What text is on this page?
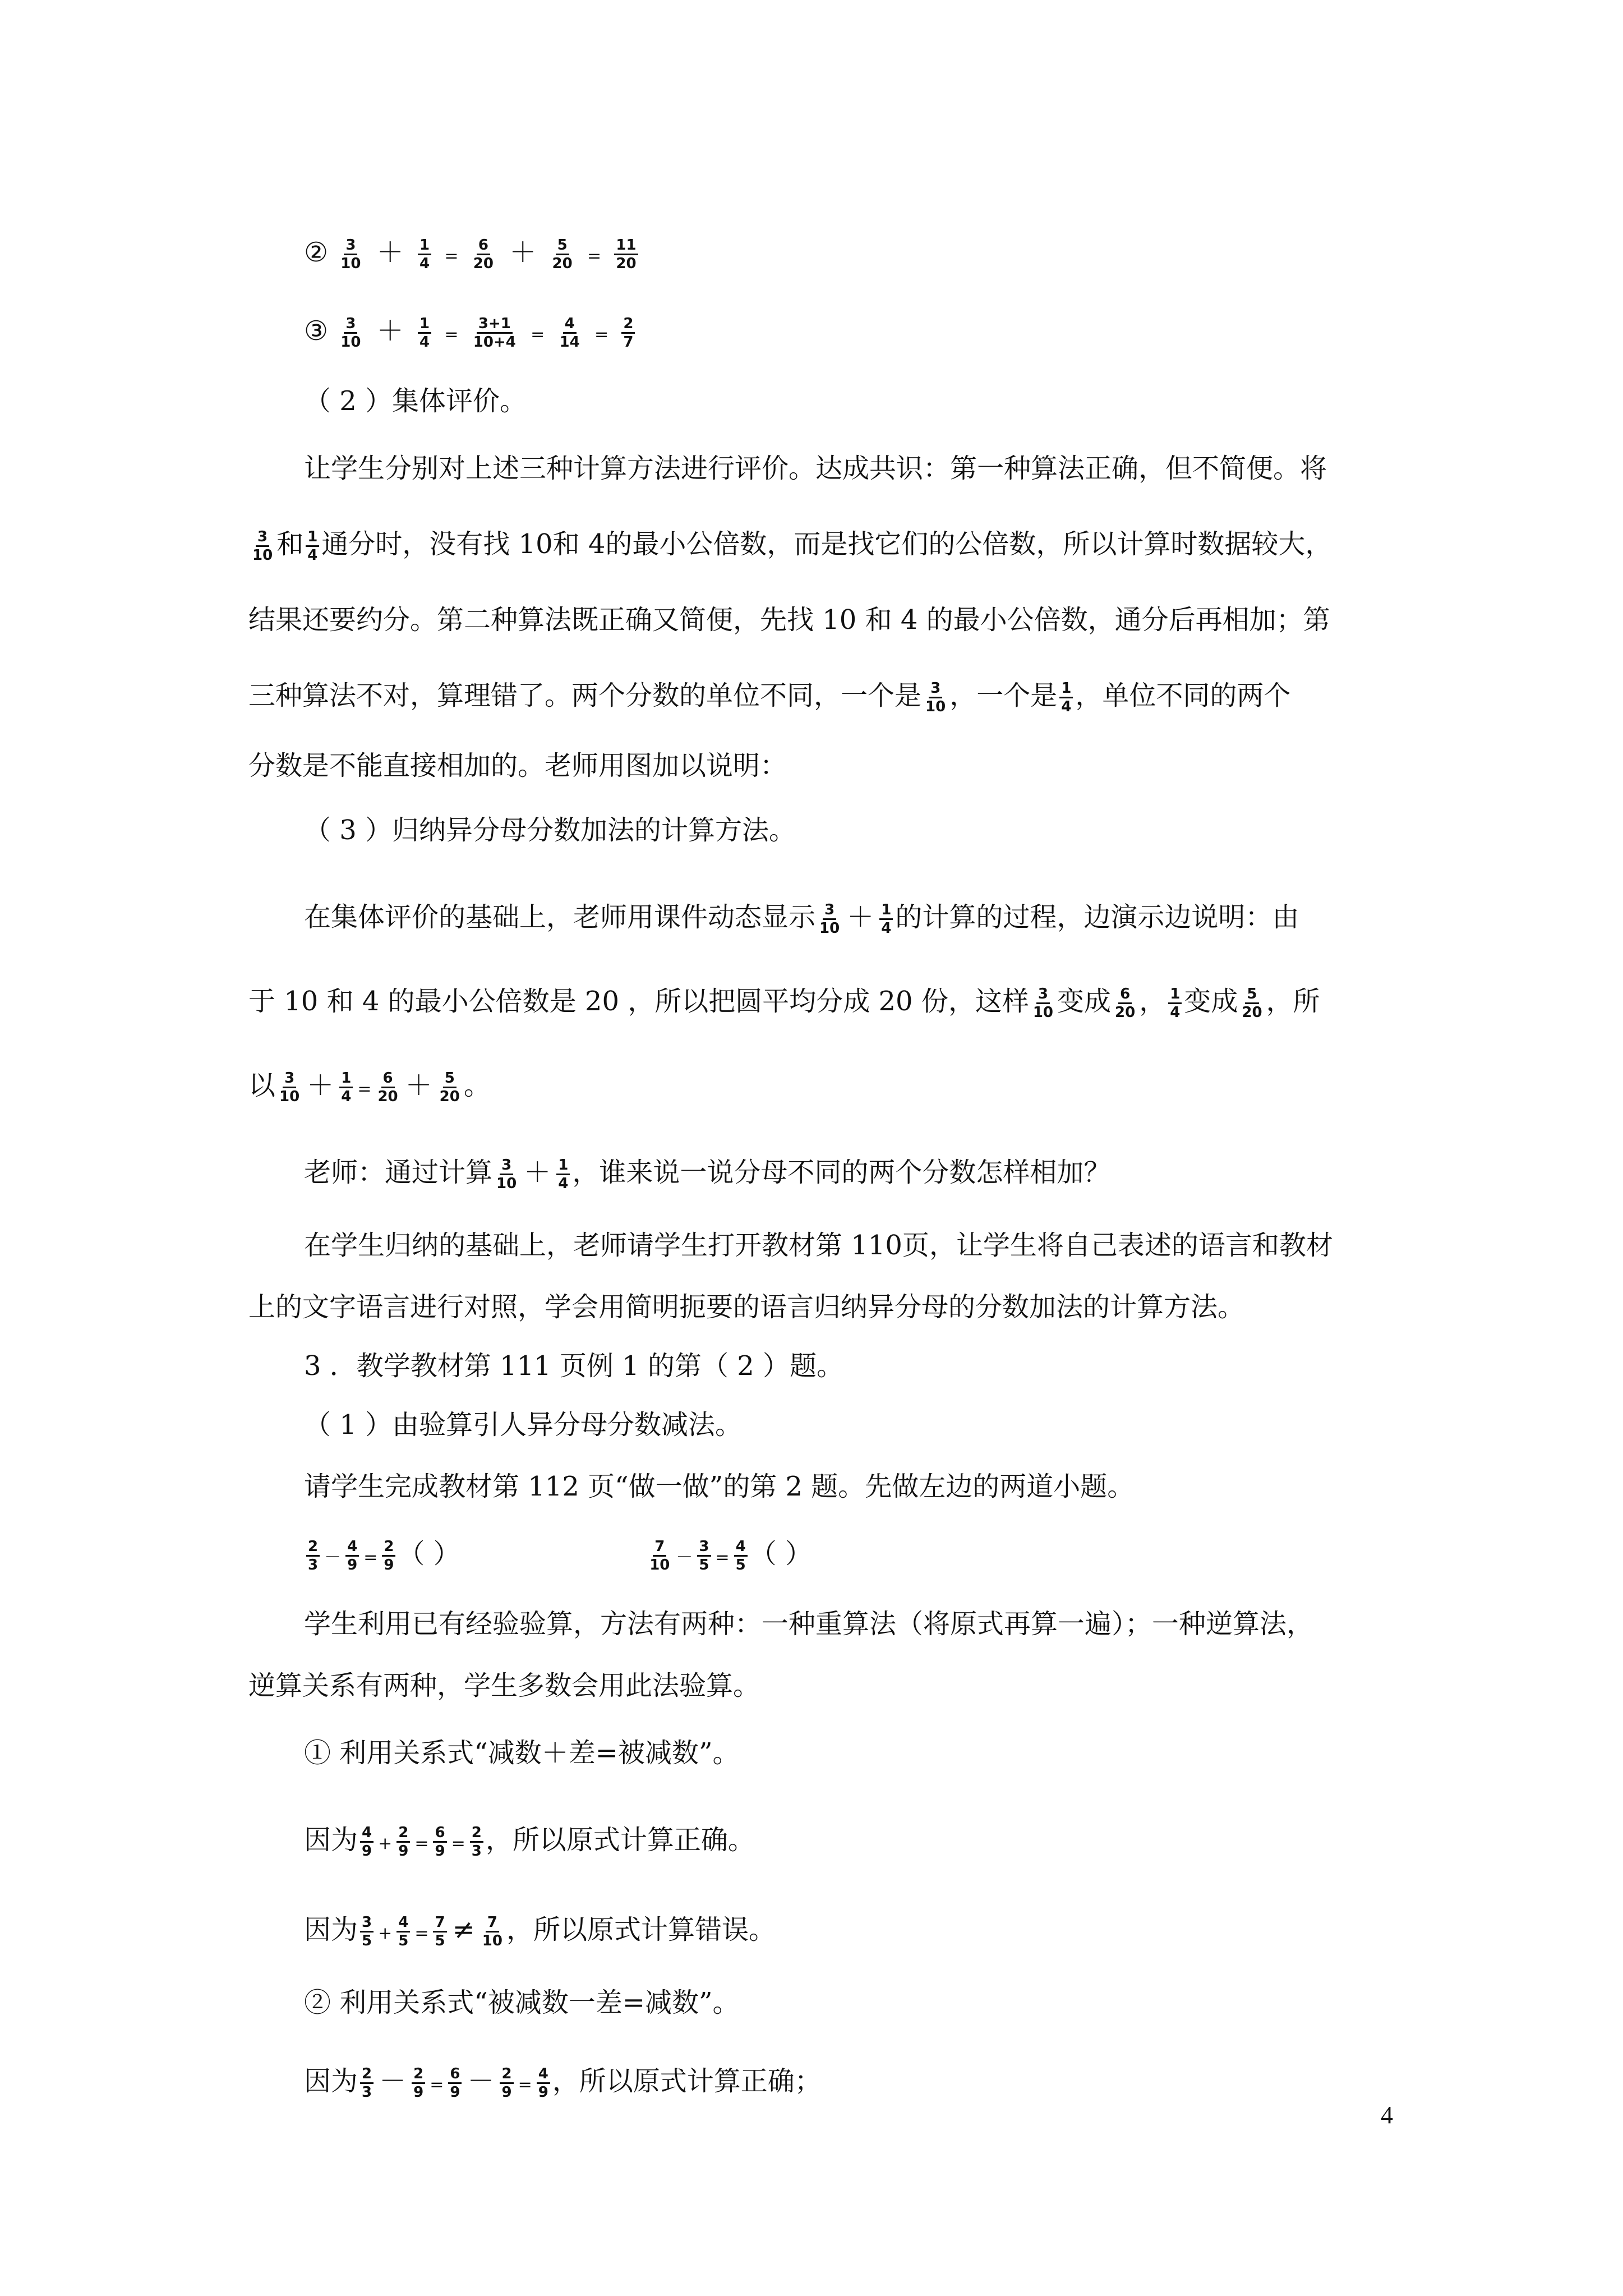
② $\frac{3}{10} + \frac{1}{4} = \frac{6}{20} + \frac{5}{20} = \frac{11}{20}$
③ $\frac{3}{10} + \frac{1}{4} = \frac{3+1}{10+4} = \frac{4}{14} = \frac{2}{7}$
（ 2 ）集体评价。
让学生分别对上述三种计算方法进行评价。达成共识：第一种算法正确，但不简便。将
$\frac{3}{10}$ 和 $\frac{1}{4}$ 通分时，没有找 10和 4的最小公倍数，而是找它们的公倍数，所以计算时数据较大，
结果还要约分。第二种算法既正确又简便，先找 10 和 4 的最小公倍数，通分后再相加；第
三种算法不对，算理错了。两个分数的单位不同，一个是 $\frac{3}{10}$ ，一个是 $\frac{1}{4}$ ，单位不同的两个
分数是不能直接相加的。老师用图加以说明：
（ 3 ）归纳异分母分数加法的计算方法。
在集体评价的基础上，老师用课件动态显示 $\frac{3}{10} + \frac{1}{4}$ 的计算的过程，边演示边说明：由
于 10 和 4 的最小公倍数是 20 ，所以把圆平均分成 20 份，这样 $\frac{3}{10}$ 变成 $\frac{6}{20}$ ， $\frac{1}{4}$ 变成 $\frac{5}{20}$ ，所
以 $\frac{3}{10} + \frac{1}{4} = \frac{6}{20} + \frac{5}{20}$ 。
老师：通过计算 $\frac{3}{10} + \frac{1}{4}$ ，谁来说一说分母不同的两个分数怎样相加？
在学生归纳的基础上，老师请学生打开教材第 110页，让学生将自己表述的语言和教材
上的文字语言进行对照，学会用简明扼要的语言归纳异分母的分数加法的计算方法。
3 ．教学教材第 111 页例 1 的第（ 2 ）题。
（ 1 ）由验算引人异分母分数减法。
请学生完成教材第 112 页“做一做”的第 2 题。先做左边的两道小题。
$\frac{2}{3} - \frac{4}{9} = \frac{2}{9}$ （ ）	$\frac{7}{10} - \frac{3}{5} = \frac{4}{5}$ （ ）
学生利用已有经验验算，方法有两种：一种重算法（将原式再算一遍）；一种逆算法，
逆算关系有两种，学生多数会用此法验算。
① 利用关系式“减数＋差=被减数”。
因为 $\frac{4}{9} + \frac{2}{9} = \frac{6}{9} = \frac{2}{3}$ ，所以原式计算正确。
因为 $\frac{3}{5} + \frac{4}{5} = \frac{7}{5} \ne \frac{7}{10}$ ，所以原式计算错误。
② 利用关系式“被减数一差=减数”。
因为 $\frac{2}{3} - \frac{2}{9} = \frac{6}{9} - \frac{2}{9} = \frac{4}{9}$ ，所以原式计算正确；
4
